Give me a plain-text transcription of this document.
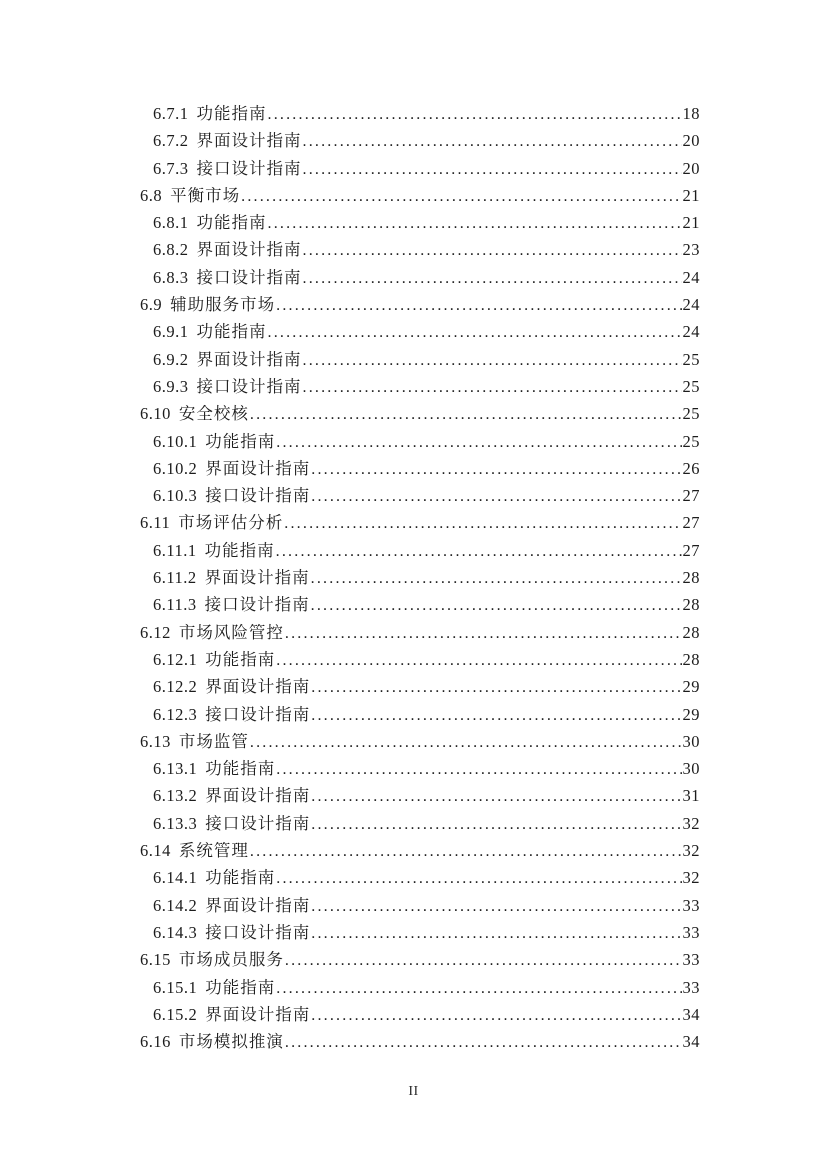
6.7.1 功能指南 .....	18
6.7.2 界面设计指南 .....	20
6.7.3 接口设计指南 .....	20
6.8 平衡市场 .....	21
6.8.1 功能指南 .....	21
6.8.2 界面设计指南 .....	23
6.8.3 接口设计指南 .....	24
6.9 辅助服务市场 .....	24
6.9.1 功能指南 .....	24
6.9.2 界面设计指南 .....	25
6.9.3 接口设计指南 .....	25
6.10 安全校核 .....	25
6.10.1 功能指南 .....	25
6.10.2 界面设计指南 .....	26
6.10.3 接口设计指南 .....	27
6.11 市场评估分析 .....	27
6.11.1 功能指南 .....	27
6.11.2 界面设计指南 .....	28
6.11.3 接口设计指南 .....	28
6.12 市场风险管控 .....	28
6.12.1 功能指南 .....	28
6.12.2 界面设计指南 .....	29
6.12.3 接口设计指南 .....	29
6.13 市场监管 .....	30
6.13.1 功能指南 .....	30
6.13.2 界面设计指南 .....	31
6.13.3 接口设计指南 .....	32
6.14 系统管理 .....	32
6.14.1 功能指南 .....	32
6.14.2 界面设计指南 .....	33
6.14.3 接口设计指南 .....	33
6.15 市场成员服务 .....	33
6.15.1 功能指南 .....	33
6.15.2 界面设计指南 .....	34
6.16 市场模拟推演 .....	34
II
